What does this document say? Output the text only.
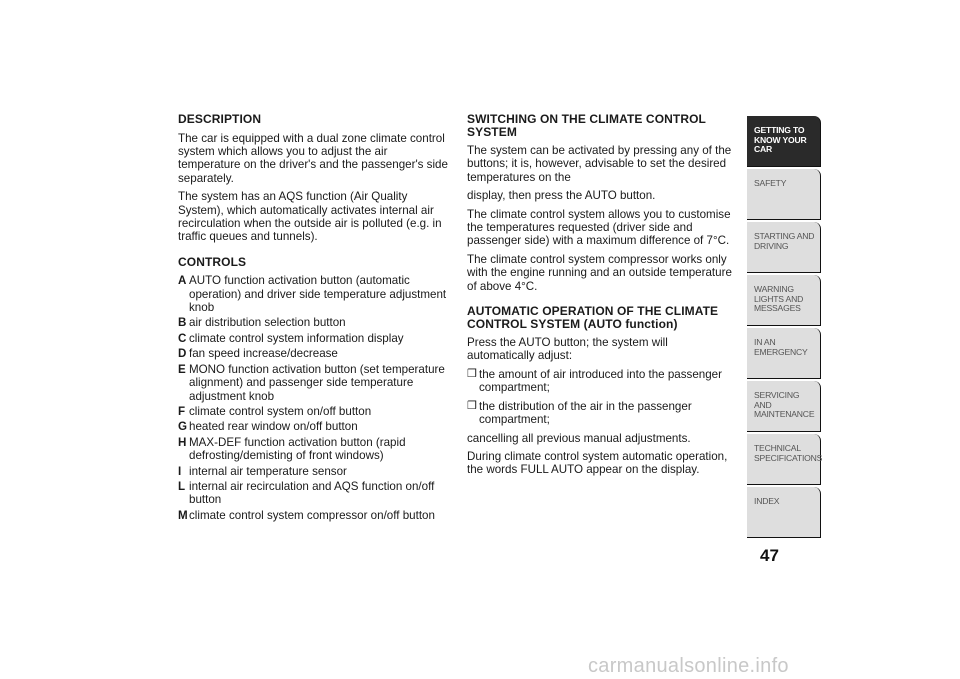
DESCRIPTION
The car is equipped with a dual zone climate control system which allows you to adjust the air temperature on the driver's and the passenger's side separately.
The system has an AQS function (Air Quality System), which automatically activates internal air recirculation when the outside air is polluted (e.g. in traffic queues and tunnels).
CONTROLS
A AUTO function activation button (automatic operation) and driver side temperature adjustment knob
B air distribution selection button
C climate control system information display
D fan speed increase/decrease
E MONO function activation button (set temperature alignment) and passenger side temperature adjustment knob
F climate control system on/off button
G heated rear window on/off button
H MAX-DEF function activation button (rapid defrosting/demisting of front windows)
I internal air temperature sensor
L internal air recirculation and AQS function on/off button
M climate control system compressor on/off button
SWITCHING ON THE CLIMATE CONTROL SYSTEM
The system can be activated by pressing any of the buttons; it is, however, advisable to set the desired temperatures on the
display, then press the AUTO button.
The climate control system allows you to customise the temperatures requested (driver side and passenger side) with a maximum difference of 7°C.
The climate control system compressor works only with the engine running and an outside temperature of above 4°C.
AUTOMATIC OPERATION OF THE CLIMATE CONTROL SYSTEM (AUTO function)
Press the AUTO button; the system will automatically adjust:
❒ the amount of air introduced into the passenger compartment;
❒ the distribution of the air in the passenger compartment;
cancelling all previous manual adjustments.
During climate control system automatic operation, the words FULL AUTO appear on the display.
GETTING TO KNOW YOUR CAR
SAFETY
STARTING AND DRIVING
WARNING LIGHTS AND MESSAGES
IN AN EMERGENCY
SERVICING AND MAINTENANCE
TECHNICAL SPECIFICATIONS
INDEX
47
carmanualsonline.info
